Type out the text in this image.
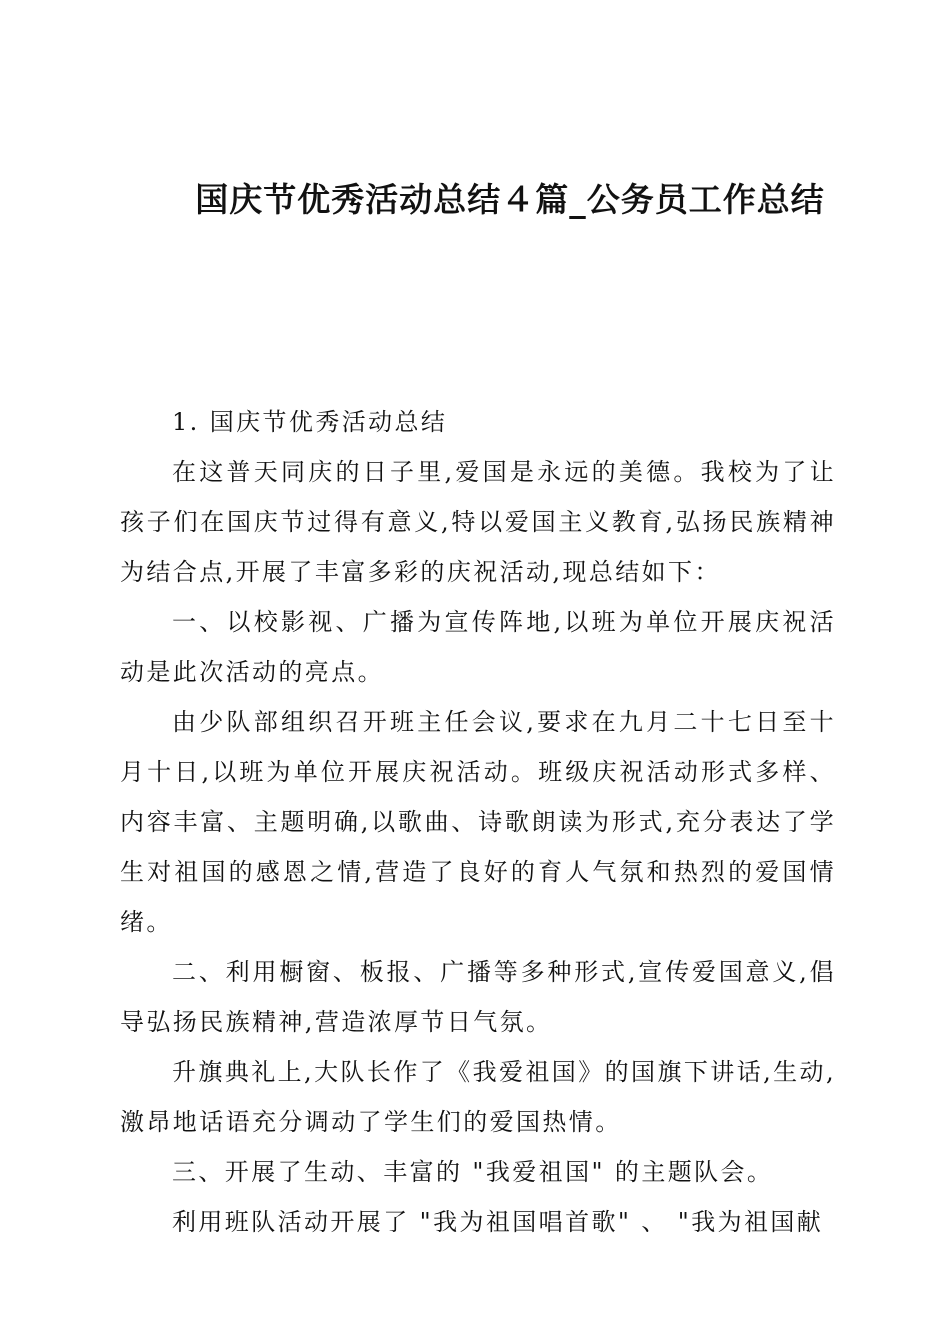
国庆节优秀活动总结４篇_公务员工作总结

1. 国庆节优秀活动总结

在这普天同庆的日子里,爱国是永远的美德。我校为了让孩子们在国庆节过得有意义,特以爱国主义教育,弘扬民族精神为结合点,开展了丰富多彩的庆祝活动,现总结如下：

一、以校影视、广播为宣传阵地,以班为单位开展庆祝活动是此次活动的亮点。

由少队部组织召开班主任会议,要求在九月二十七日至十月十日,以班为单位开展庆祝活动。班级庆祝活动形式多样、内容丰富、主题明确,以歌曲、诗歌朗读为形式,充分表达了学生对祖国的感恩之情,营造了良好的育人气氛和热烈的爱国情绪。

二、利用橱窗、板报、广播等多种形式,宣传爱国意义,倡导弘扬民族精神,营造浓厚节日气氛。

升旗典礼上,大队长作了《我爱祖国》的国旗下讲话,生动,激昂地话语充分调动了学生们的爱国热情。

三、开展了生动、丰富的 "我爱祖国" 的主题队会。

利用班队活动开展了 "我为祖国唱首歌" 、 "我为祖国献
